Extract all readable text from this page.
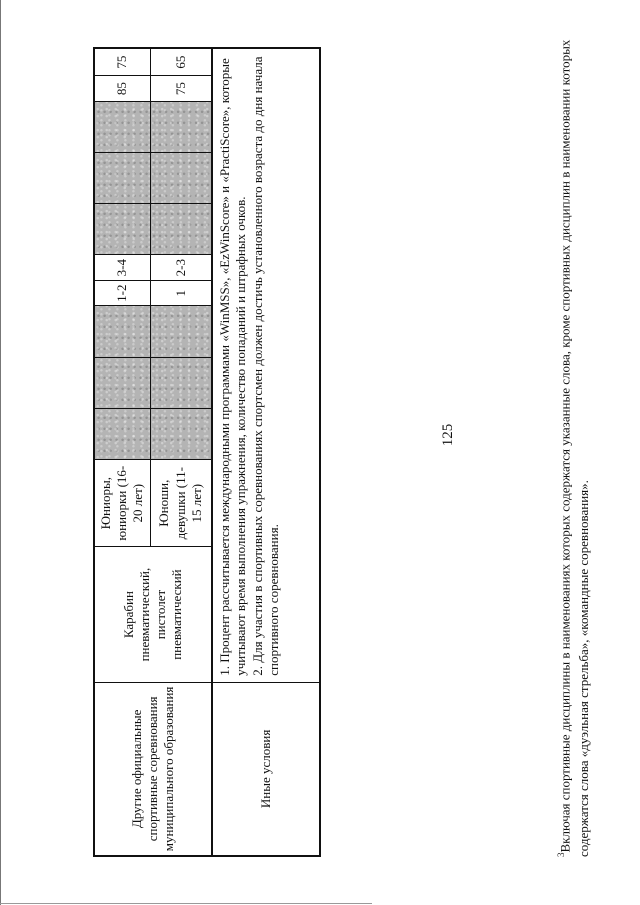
125
Другие официальные спортивные соревнования муниципального образования	Карабин пневматический, пистолет пневматический	Юниоры, юниорки (16-20 лет)				1-2	3-4				85	75
		Юноши, девушки (11-15 лет)				1	2-3				75	65
Иные условия	1. Процент рассчитывается международными программами «WinMSS», «EzWinScore» и «PractiScore», которые учитывают время выполнения упражнения, количество попаданий и штрафных очков. 2. Для участия в спортивных соревнованиях спортсмен должен достичь установленного возраста до дня начала спортивного соревнования.											
$^3$Включая спортивные дисциплины в наименованиях которых содержатся указанные слова, кроме спортивных дисциплин в наименовании которых содержатся слова «дуэльная стрельба», «командные соревнования».
